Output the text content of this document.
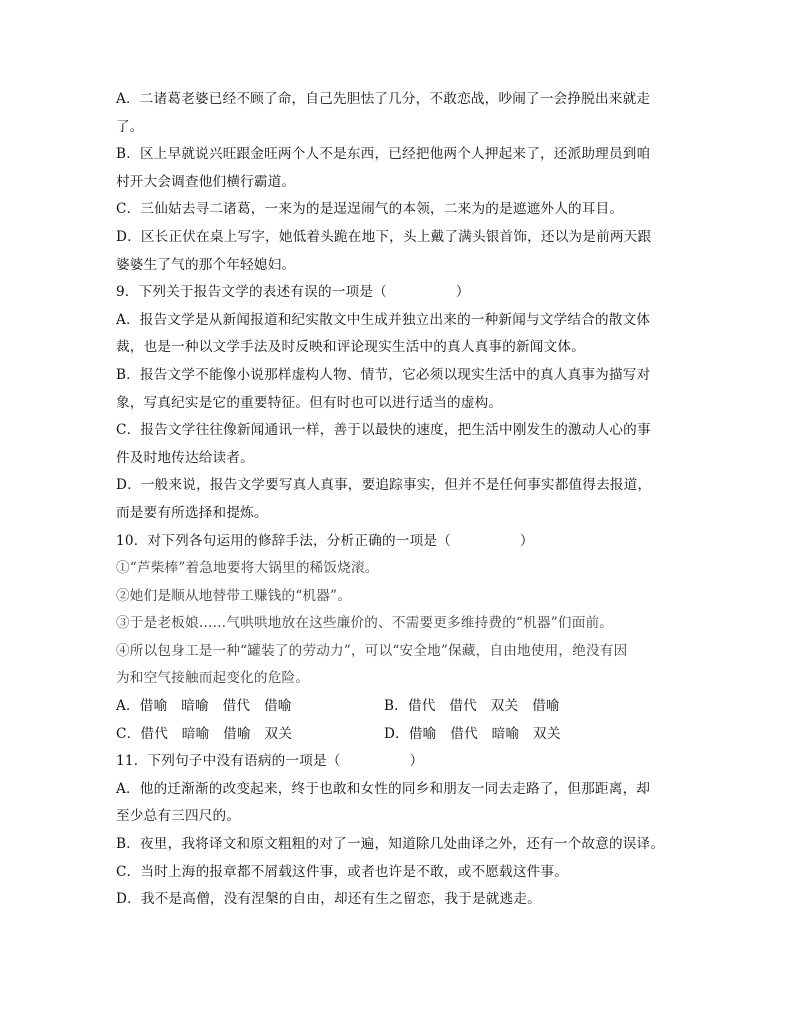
A．二诸葛老婆已经不顾了命，自己先胆怯了几分，不敢恋战，吵闹了一会挣脱出来就走
了。
B．区上早就说兴旺跟金旺两个人不是东西，已经把他两个人押起来了，还派助理员到咱
村开大会调查他们横行霸道。
C．三仙姑去寻二诸葛，一来为的是逞逞闹气的本领，二来为的是遮遮外人的耳目。
D．区长正伏在桌上写字，她低着头跪在地下，头上戴了满头银首饰，还以为是前两天跟
婆婆生了气的那个年轻媳妇。
9．下列关于报告文学的表述有误的一项是（　　　　　）
A．报告文学是从新闻报道和纪实散文中生成并独立出来的一种新闻与文学结合的散文体
裁，也是一种以文学手法及时反映和评论现实生活中的真人真事的新闻文体。
B．报告文学不能像小说那样虚构人物、情节，它必须以现实生活中的真人真事为描写对
象，写真纪实是它的重要特征。但有时也可以进行适当的虚构。
C．报告文学往往像新闻通讯一样，善于以最快的速度，把生活中刚发生的激动人心的事
件及时地传达给读者。
D．一般来说，报告文学要写真人真事，要追踪事实，但并不是任何事实都值得去报道，
而是要有所选择和提炼。
10．对下列各句运用的修辞手法，分析正确的一项是（　　　　　）
①“芦柴棒”着急地要将大锅里的稀饭烧滚。
②她们是顺从地替带工赚钱的“机器”。
③于是老板娘……气哄哄地放在这些廉价的、不需要更多维持费的“机器”们面前。
④所以包身工是一种“罐装了的劳动力”，可以“安全地”保藏，自由地使用，绝没有因
为和空气接触而起变化的危险。
A．借喻　暗喻　借代　借喻	B．借代　借代　双关　借喻
C．借代　暗喻　借喻　双关	D．借喻　借代　暗喻　双关
11．下列句子中没有语病的一项是（　　　　　）
A．他的迁渐渐的改变起来，终于也敢和女性的同乡和朋友一同去走路了，但那距离，却
至少总有三四尺的。
B．夜里，我将译文和原文粗粗的对了一遍，知道除几处曲译之外，还有一个故意的误译。
C．当时上海的报章都不屑载这件事，或者也许是不敢，或不愿载这件事。
D．我不是高僧，没有涅槃的自由，却还有生之留恋，我于是就逃走。
